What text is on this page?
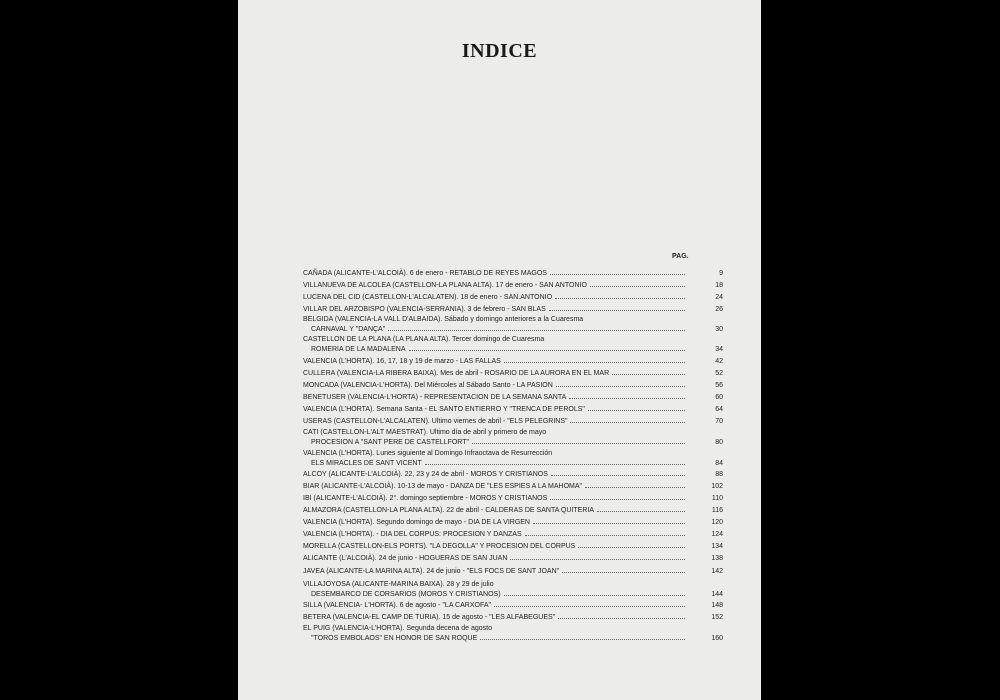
INDICE
PAG.
CAÑADA (ALICANTE-L'ALCOIÀ). 6 de enero - RETABLO DE REYES MAGOS	9
VILLANUEVA DE ALCOLEA (CASTELLON-LA PLANA ALTA). 17 de enero - SAN ANTONIO	18
LUCENA DEL CID (CASTELLON-L'ALCALATEN). 18 de enero - SAN.ANTONIO	24
VILLAR DEL ARZOBISPO (VALENCIA-SERRANIA). 3 de febrero - SAN BLAS	26
BELGIDA (VALENCIA-LA VALL D'ALBAIDA). Sábado y domingo anteriores a la Cuaresma
CARNAVAL Y "DANÇA"	30
CASTELLON DE LA PLANA (LA PLANA ALTA). Tercer domingo de Cuaresma
ROMERIA DE LA MADALENA	34
VALENCIA (L'HORTA). 16, 17, 18 y 19 de marzo - LAS FALLAS	42
CULLERA (VALENCIA-LA RIBERA BAIXA). Mes de abril - ROSARIO DE LA AURORA EN EL MAR	52
MONCADA (VALENCIA-L'HORTA). Del Miércoles al Sábado Santo - LA PASION	56
BENETUSER (VALENCIA-L'HORTA) - REPRESENTACION DE LA SEMANA SANTA	60
VALENCIA (L'HORTA). Semana Santa - EL SANTO ENTIERRO Y "TRENCA DE PEROLS"	64
USERAS (CASTELLON-L'ALCALATEN). Ultimo viernes de abril - "ELS PELEGRINS"	70
CATI (CASTELLON-L'ALT MAESTRAT). Ultimo día de abril y primero de mayo
PROCESION A "SANT PERE DE CASTELLFORT"	80
VALENCIA (L'HORTA). Lunes siguiente al Domingo Infraoctava de Resurrección
ELS MIRACLES DE SANT VICENT	84
ALCOY (ALICANTE-L'ALCOIÀ). 22, 23 y 24 de abril - MOROS Y CRISTIANOS	88
BIAR (ALICANTE-L'ALCOIÀ). 10-13 de mayo - DANZA DE "LES ESPIES A LA MAHOMA"	102
IBI (ALICANTE-L'ALCOIÀ). 2°. domingo septiembre - MOROS Y CRISTIANOS	110
ALMAZORA (CASTELLON-LA PLANA ALTA). 22 de abril - CALDERAS DE SANTA QUITERIA	116
VALENCIA (L'HORTA). Segundo domingo de mayo - DIA DE LA VIRGEN	120
VALENCIA (L'HORTA). - DIA DEL CORPUS: PROCESION Y DANZAS	124
MORELLA (CASTELLON-ELS PORTS). "LA DEGOLLA" Y PROCESION DEL CORPUS	134
ALICANTE (L'ALCOIÀ). 24 de junio - HOGUERAS DE SAN JUAN	138
JAVEA (ALICANTE-LA MARINA ALTA). 24 de junio - "ELS FOCS DE SANT JOAN"	142
VILLAJOYOSA (ALICANTE-MARINA BAIXA). 28 y 29 de julio
DESEMBARCO DE CORSARIOS (MOROS Y CRISTIANOS)	144
SILLA (VALENCIA- L'HORTA). 6 de agosto - "LA CARXOFA"	148
BETERA (VALENCIA-EL CAMP DE TURIA). 15 de agosto - "LES ALFABEGUES"	152
EL PUIG (VALENCIA-L'HORTA). Segunda decena de agosto
"TOROS EMBOLAOS" EN HONOR DE SAN ROQUE	160
